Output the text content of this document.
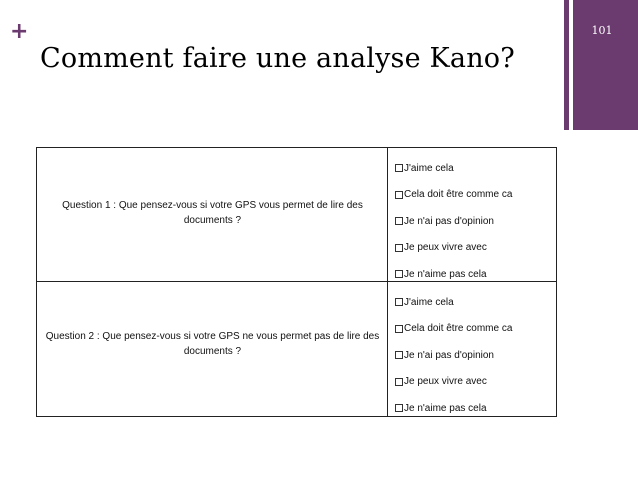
+
Comment faire une analyse Kano?
101
Question 1 : Que pensez-vous si votre GPS vous permet de lire des documents ?
J'aime cela
Cela doit être comme ca
Je n'ai pas d'opinion
Je peux vivre avec
Je n'aime pas cela
Question 2 : Que pensez-vous si votre GPS ne vous permet pas de lire des documents ?
J'aime cela
Cela doit être comme ca
Je n'ai pas d'opinion
Je peux vivre avec
Je n'aime pas cela
